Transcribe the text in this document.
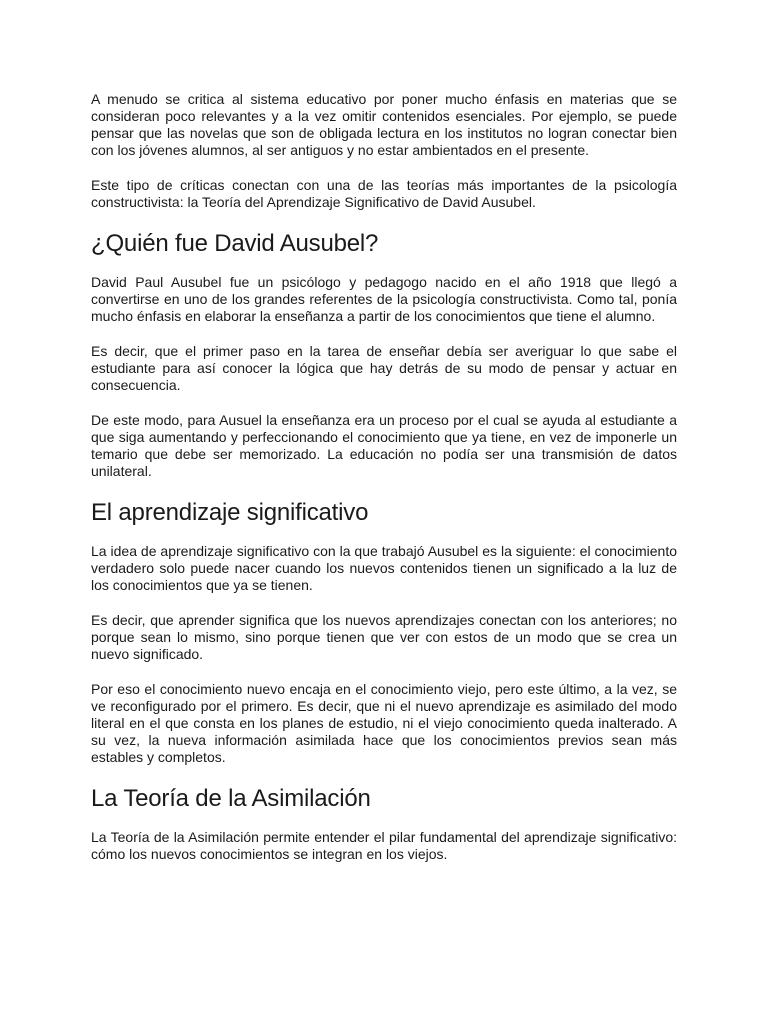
A menudo se critica al sistema educativo por poner mucho énfasis en materias que se consideran poco relevantes y a la vez omitir contenidos esenciales. Por ejemplo, se puede pensar que las novelas que son de obligada lectura en los institutos no logran conectar bien con los jóvenes alumnos, al ser antiguos y no estar ambientados en el presente.

Este tipo de críticas conectan con una de las teorías más importantes de la psicología constructivista: la Teoría del Aprendizaje Significativo de David Ausubel.

¿Quién fue David Ausubel?

David Paul Ausubel fue un psicólogo y pedagogo nacido en el año 1918 que llegó a convertirse en uno de los grandes referentes de la psicología constructivista. Como tal, ponía mucho énfasis en elaborar la enseñanza a partir de los conocimientos que tiene el alumno.

Es decir, que el primer paso en la tarea de enseñar debía ser averiguar lo que sabe el estudiante para así conocer la lógica que hay detrás de su modo de pensar y actuar en consecuencia.

De este modo, para Ausuel la enseñanza era un proceso por el cual se ayuda al estudiante a que siga aumentando y perfeccionando el conocimiento que ya tiene, en vez de imponerle un temario que debe ser memorizado. La educación no podía ser una transmisión de datos unilateral.

El aprendizaje significativo

La idea de aprendizaje significativo con la que trabajó Ausubel es la siguiente: el conocimiento verdadero solo puede nacer cuando los nuevos contenidos tienen un significado a la luz de los conocimientos que ya se tienen.

Es decir, que aprender significa que los nuevos aprendizajes conectan con los anteriores; no porque sean lo mismo, sino porque tienen que ver con estos de un modo que se crea un nuevo significado.

Por eso el conocimiento nuevo encaja en el conocimiento viejo, pero este último, a la vez, se ve reconfigurado por el primero. Es decir, que ni el nuevo aprendizaje es asimilado del modo literal en el que consta en los planes de estudio, ni el viejo conocimiento queda inalterado. A su vez, la nueva información asimilada hace que los conocimientos previos sean más estables y completos.

La Teoría de la Asimilación

La Teoría de la Asimilación permite entender el pilar fundamental del aprendizaje significativo: cómo los nuevos conocimientos se integran en los viejos.
